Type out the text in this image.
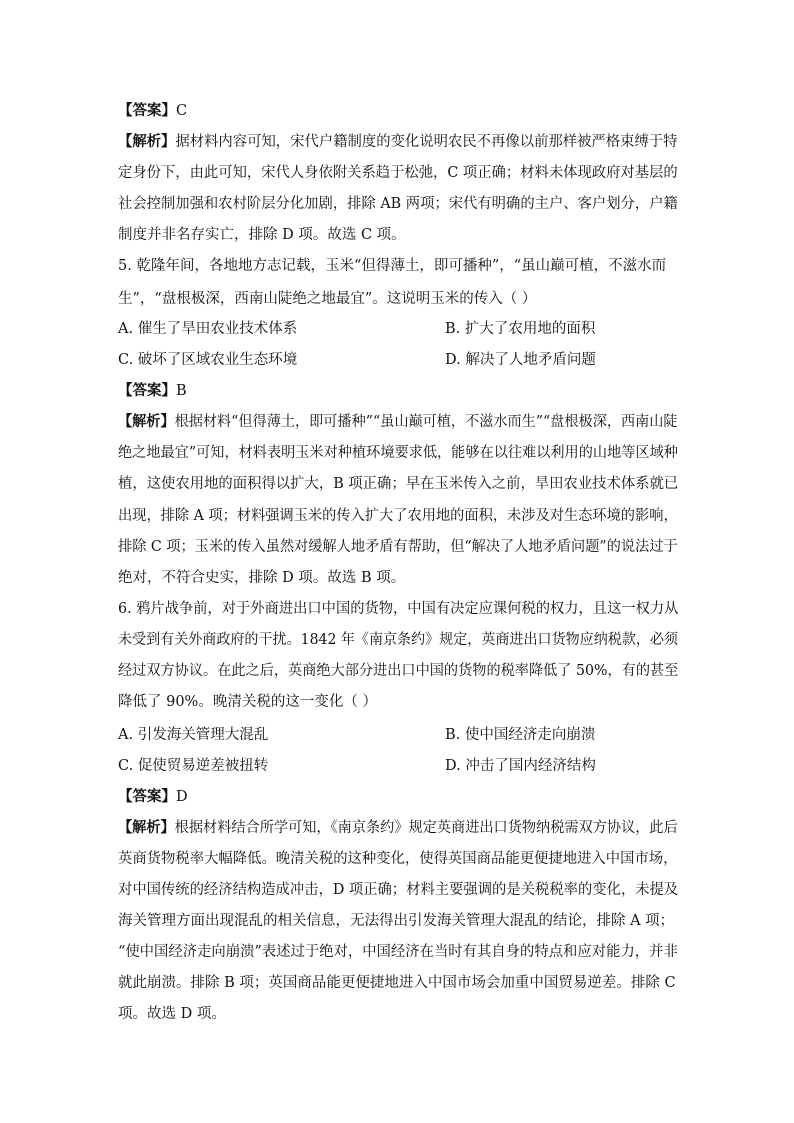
【答案】C

【解析】据材料内容可知，宋代户籍制度的变化说明农民不再像以前那样被严格束缚于特

定身份下，由此可知，宋代人身依附关系趋于松弛，C 项正确；材料未体现政府对基层的

社会控制加强和农村阶层分化加剧，排除 AB 两项；宋代有明确的主户、客户划分，户籍

制度并非名存实亡，排除 D 项。故选 C 项。

5. 乾隆年间，各地地方志记载，玉米“但得薄土，即可播种”，“虽山巅可植，不滋水而

生”，“盘根极深，西南山陡绝之地最宜”。这说明玉米的传入（ ）

A. 催生了旱田农业技术体系	B. 扩大了农用地的面积

C. 破坏了区域农业生态环境	D. 解决了人地矛盾问题

【答案】B

【解析】根据材料“但得薄土，即可播种”“虽山巅可植，不滋水而生”“盘根极深，西南山陡

绝之地最宜”可知，材料表明玉米对种植环境要求低，能够在以往难以利用的山地等区域种

植，这使农用地的面积得以扩大，B 项正确；早在玉米传入之前，旱田农业技术体系就已

出现，排除 A 项；材料强调玉米的传入扩大了农用地的面积，未涉及对生态环境的影响，

排除 C 项；玉米的传入虽然对缓解人地矛盾有帮助，但“解决了人地矛盾问题”的说法过于

绝对，不符合史实，排除 D 项。故选 B 项。

6. 鸦片战争前，对于外商进出口中国的货物，中国有决定应课何税的权力，且这一权力从

未受到有关外商政府的干扰。1842 年《南京条约》规定，英商进出口货物应纳税款，必须

经过双方协议。在此之后，英商绝大部分进出口中国的货物的税率降低了 50%，有的甚至

降低了 90%。晚清关税的这一变化（ ）

A. 引发海关管理大混乱	B. 使中国经济走向崩溃

C. 促使贸易逆差被扭转	D. 冲击了国内经济结构

【答案】D

【解析】根据材料结合所学可知，《南京条约》规定英商进出口货物纳税需双方协议，此后

英商货物税率大幅降低。晚清关税的这种变化，使得英国商品能更便捷地进入中国市场，

对中国传统的经济结构造成冲击，D 项正确；材料主要强调的是关税税率的变化，未提及

海关管理方面出现混乱的相关信息，无法得出引发海关管理大混乱的结论，排除 A 项；

“使中国经济走向崩溃”表述过于绝对，中国经济在当时有其自身的特点和应对能力，并非

就此崩溃。排除 B 项；英国商品能更便捷地进入中国市场会加重中国贸易逆差。排除 C

项。故选 D 项。
